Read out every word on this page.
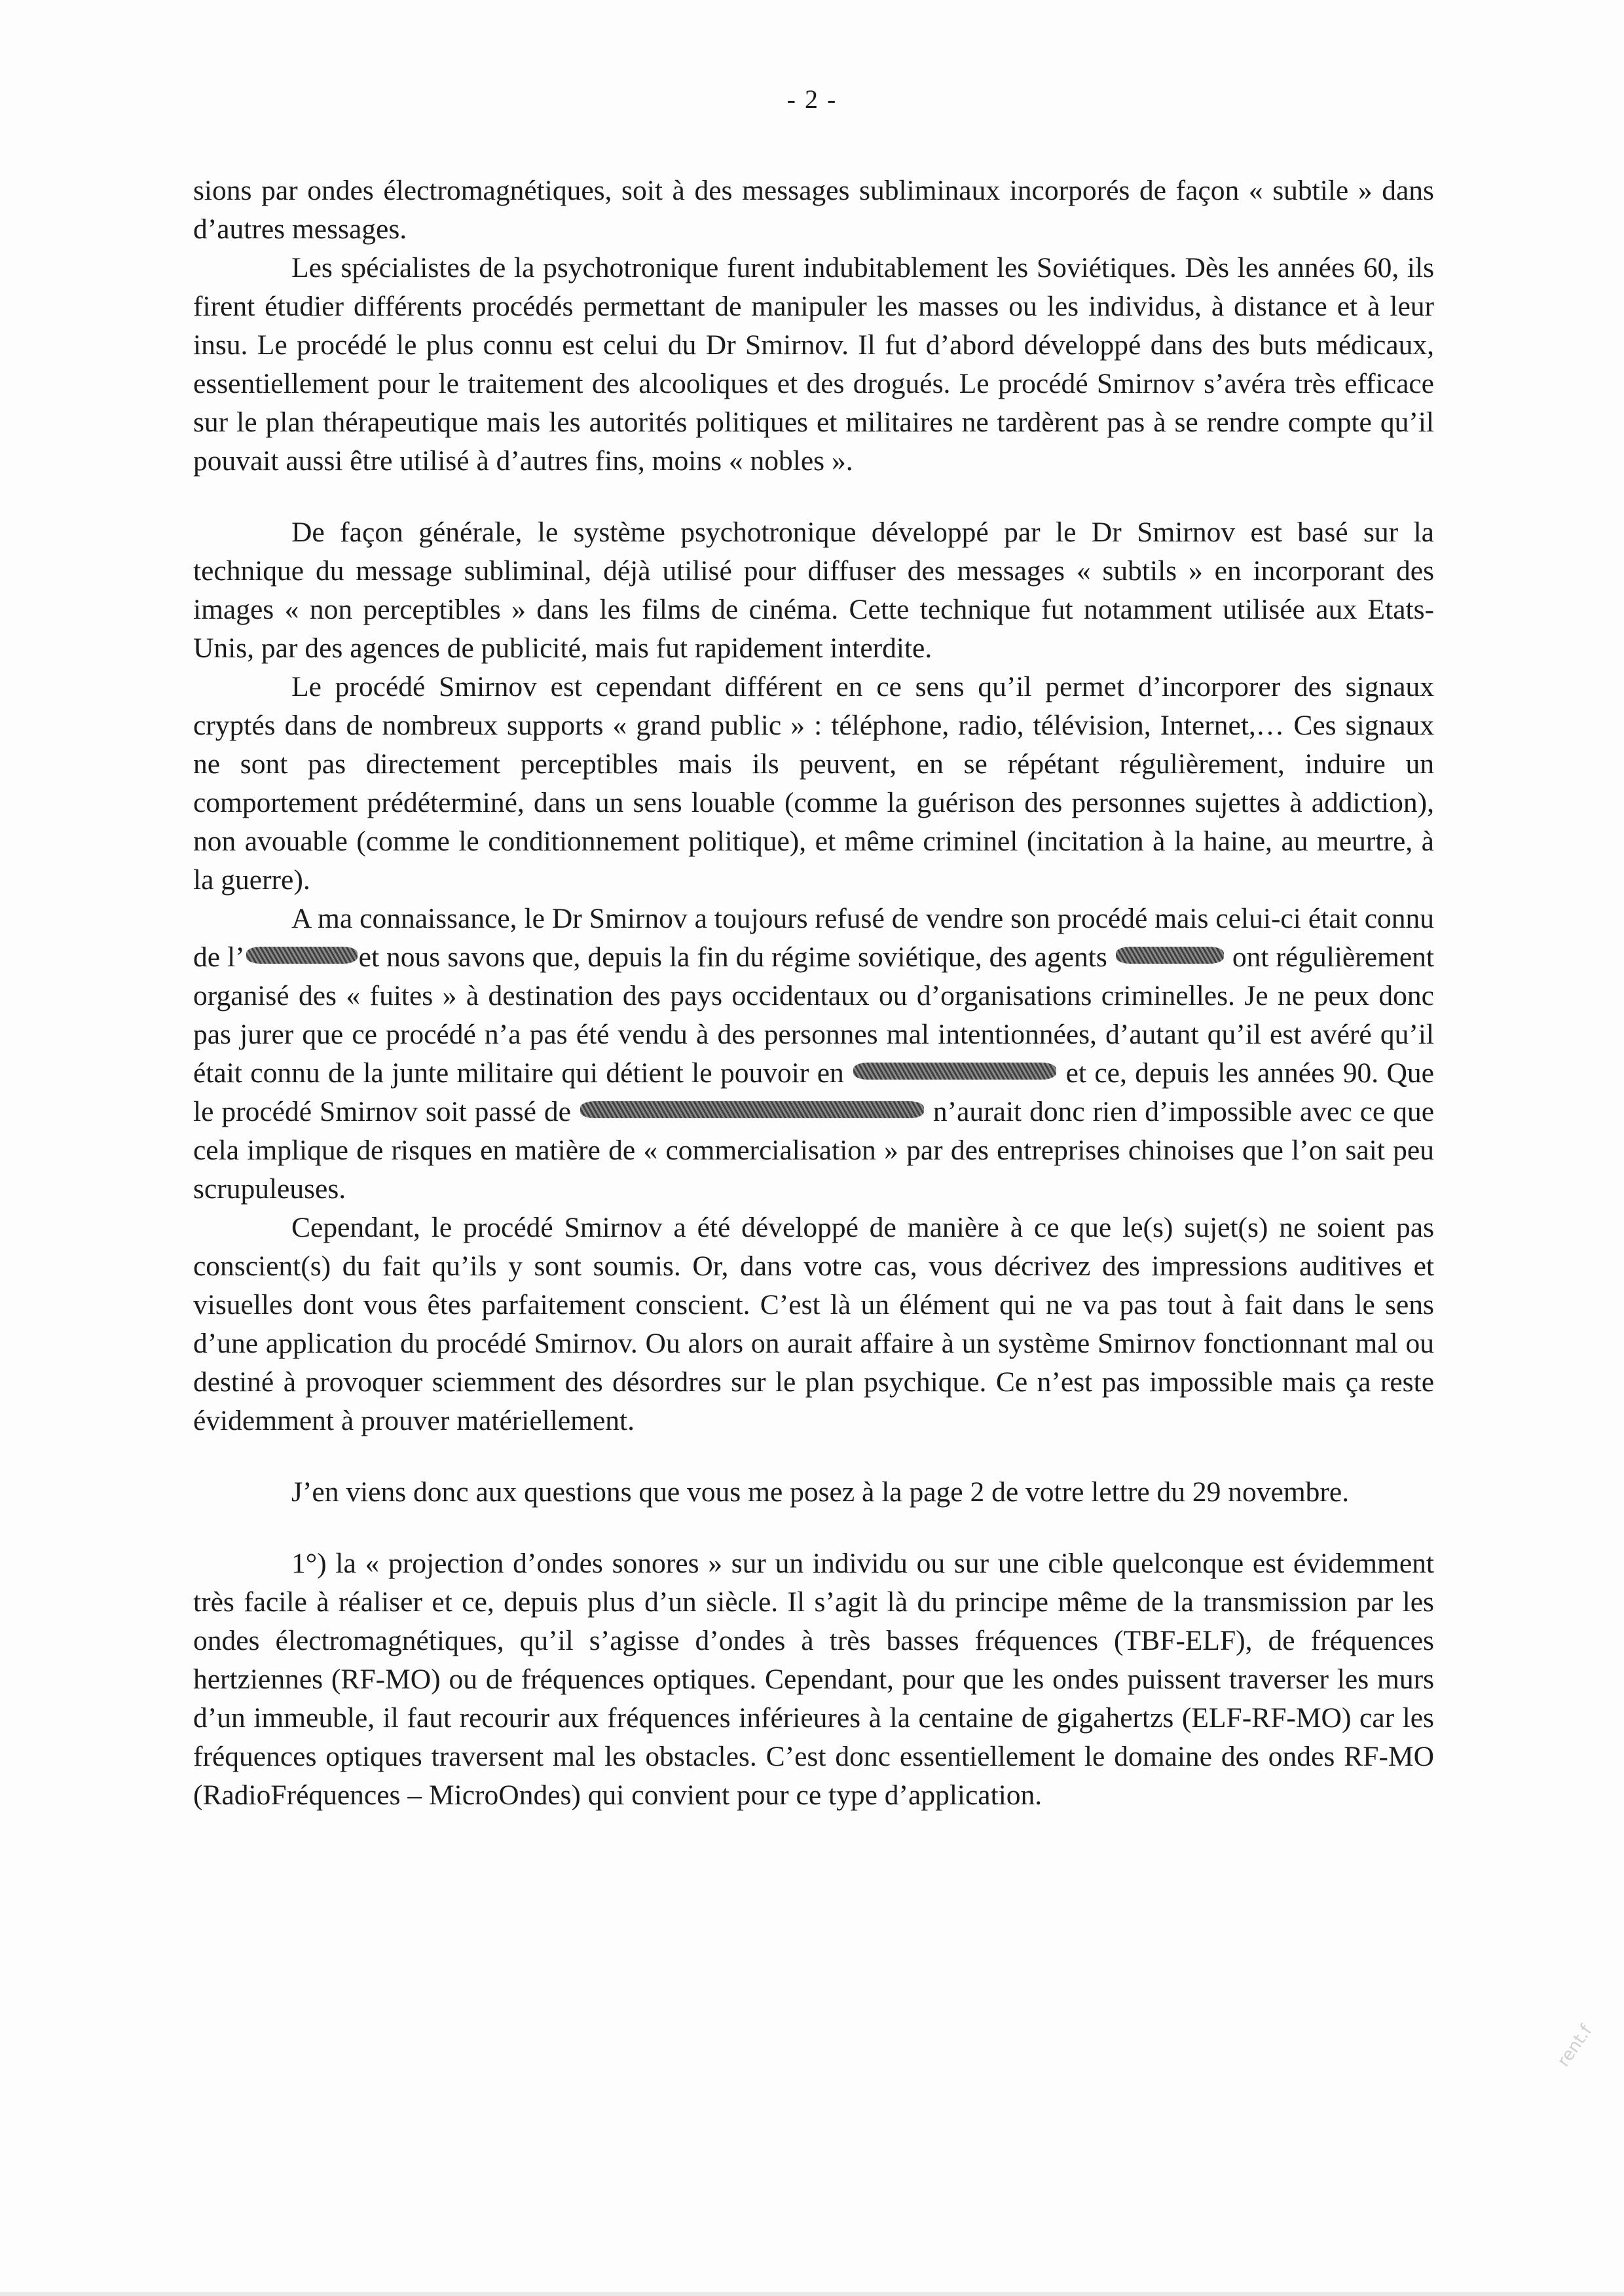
- 2 -

sions par ondes électromagnétiques, soit à des messages subliminaux incorporés de façon « subtile » dans d’autres messages.

Les spécialistes de la psychotronique furent indubitablement les Soviétiques. Dès les années 60, ils firent étudier différents procédés permettant de manipuler les masses ou les individus, à distance et à leur insu. Le procédé le plus connu est celui du Dr Smirnov. Il fut d’abord développé dans des buts médicaux, essentiellement pour le traitement des alcooliques et des drogués. Le procédé Smirnov s’avéra très efficace sur le plan thérapeutique mais les autorités politiques et militaires ne tardèrent pas à se rendre compte qu’il pouvait aussi être utilisé à d’autres fins, moins « nobles ».

De façon générale, le système psychotronique développé par le Dr Smirnov est basé sur la technique du message subliminal, déjà utilisé pour diffuser des messages « subtils » en incorporant des images « non perceptibles » dans les films de cinéma. Cette technique fut notamment utilisée aux Etats-Unis, par des agences de publicité, mais fut rapidement interdite.

Le procédé Smirnov est cependant différent en ce sens qu’il permet d’incorporer des signaux cryptés dans de nombreux supports « grand public » : téléphone, radio, télévision, Internet,… Ces signaux ne sont pas directement perceptibles mais ils peuvent, en se répétant régulièrement, induire un comportement prédéterminé, dans un sens louable (comme la guérison des personnes sujettes à addiction), non avouable (comme le conditionnement politique), et même criminel (incitation à la haine, au meurtre, à la guerre).

A ma connaissance, le Dr Smirnov a toujours refusé de vendre son procédé mais celui-ci était connu de l’	et nous savons que, depuis la fin du régime soviétique, des agents	ont régulièrement organisé des « fuites » à destination des pays occidentaux ou d’organisations criminelles. Je ne peux donc pas jurer que ce procédé n’a pas été vendu à des personnes mal intentionnées, d’autant qu’il est avéré qu’il était connu de la junte militaire qui détient le pouvoir en	et ce, depuis les années 90. Que le procédé Smirnov soit passé de	n’aurait donc rien d’impossible avec ce que cela implique de risques en matière de « commercialisation » par des entreprises chinoises que l’on sait peu scrupuleuses.

Cependant, le procédé Smirnov a été développé de manière à ce que le(s) sujet(s) ne soient pas conscient(s) du fait qu’ils y sont soumis. Or, dans votre cas, vous décrivez des impressions auditives et visuelles dont vous êtes parfaitement conscient. C’est là un élément qui ne va pas tout à fait dans le sens d’une application du procédé Smirnov. Ou alors on aurait affaire à un système Smirnov fonctionnant mal ou destiné à provoquer sciemment des désordres sur le plan psychique. Ce n’est pas impossible mais ça reste évidemment à prouver matériellement.

J’en viens donc aux questions que vous me posez à la page 2 de votre lettre du 29 novembre.

1°) la « projection d’ondes sonores » sur un individu ou sur une cible quelconque est évidemment très facile à réaliser et ce, depuis plus d’un siècle. Il s’agit là du principe même de la transmission par les ondes électromagnétiques, qu’il s’agisse d’ondes à très basses fréquences (TBF-ELF), de fréquences hertziennes (RF-MO) ou de fréquences optiques. Cependant, pour que les ondes puissent traverser les murs d’un immeuble, il faut recourir aux fréquences inférieures à la centaine de gigahertzs (ELF-RF-MO) car les fréquences optiques traversent mal les obstacles. C’est donc essentiellement le domaine des ondes RF-MO (RadioFréquences – MicroOndes) qui convient pour ce type d’application.

rent.f
